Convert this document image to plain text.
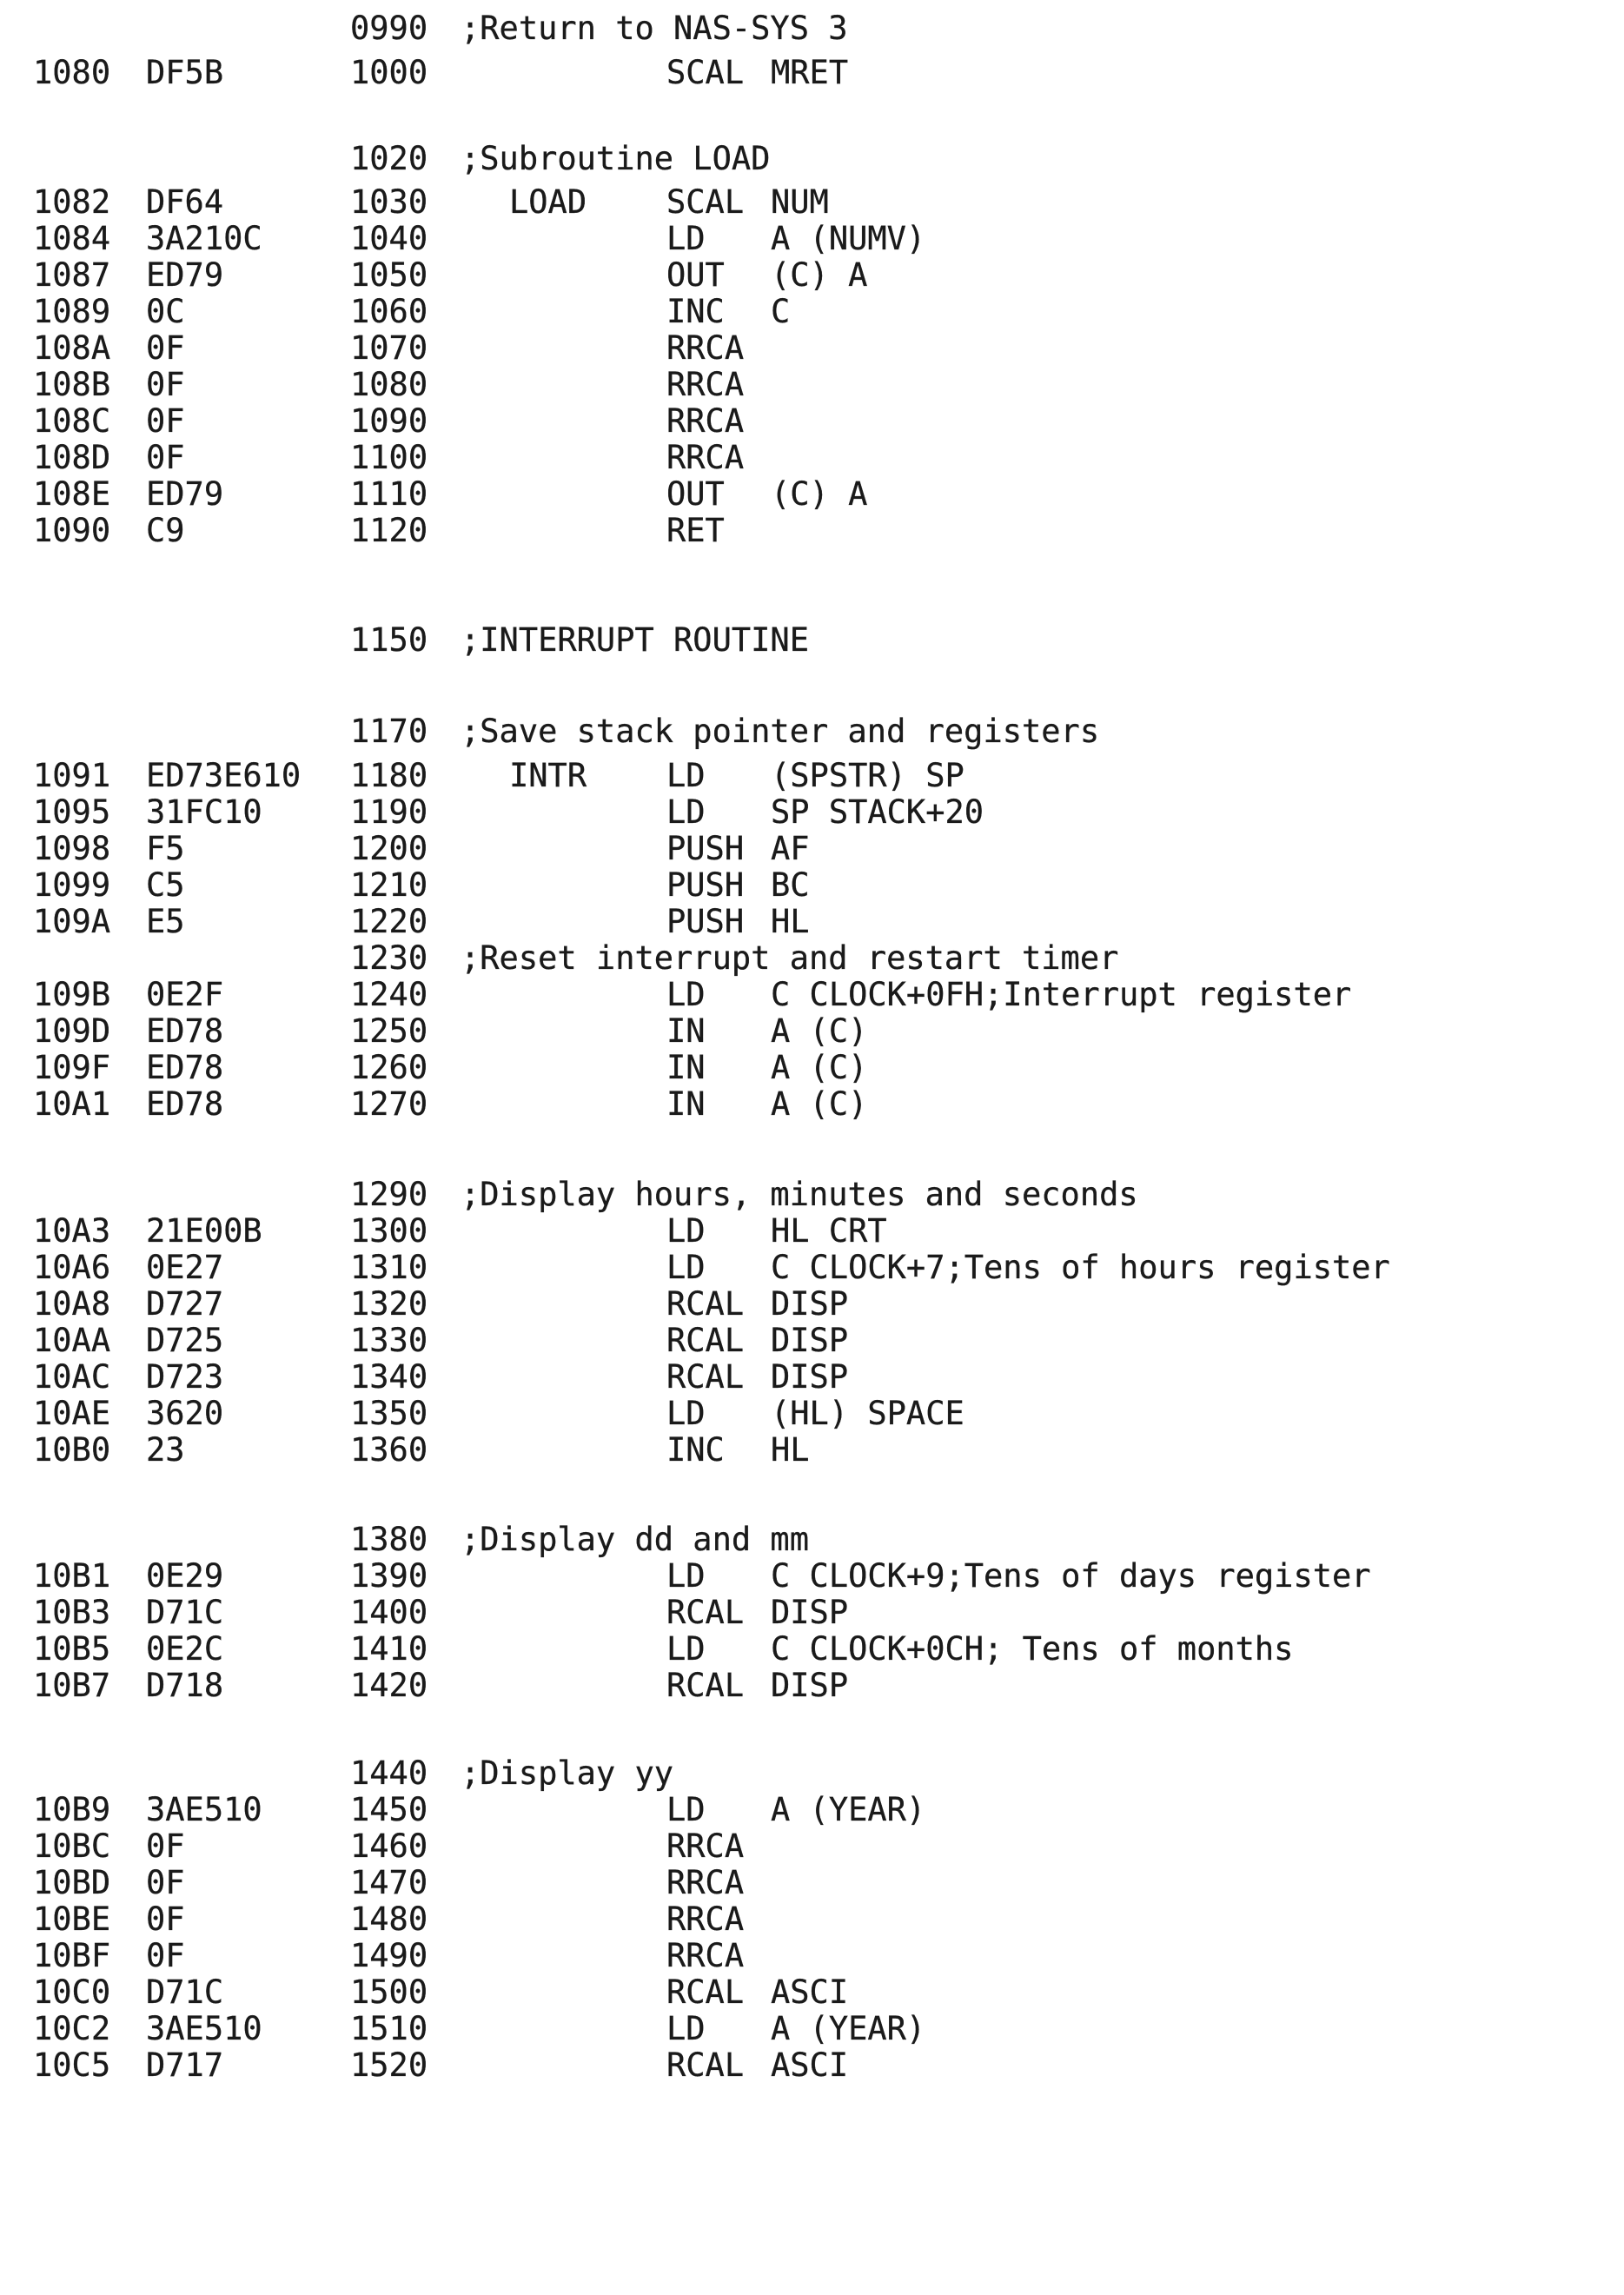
0990 ;Return to NAS-SYS 3
1080 DF5B	1000	SCAL MRET
1020 ;Subroutine LOAD
1082 DF64	1030	LOAD SCAL NUM
1084 3A210C	1040	LD A (NUMV)
1087 ED79	1050	OUT (C) A
1089 0C	1060	INC C
108A 0F	1070	RRCA
108B 0F	1080	RRCA
108C 0F	1090	RRCA
108D 0F	1100	RRCA
108E ED79	1110	OUT (C) A
1090 C9	1120	RET
1150 ;INTERRUPT ROUTINE
1170 ;Save stack pointer and registers
1091 ED73E610 1180	INTR LD (SPSTR) SP
1095 31FC10	1190	LD SP STACK+20
1098 F5	1200	PUSH AF
1099 C5	1210	PUSH BC
109A E5	1220	PUSH HL
1230 ;Reset interrupt and restart timer
109B 0E2F	1240	LD C CLOCK+0FH;Interrupt register
109D ED78	1250	IN A (C)
109F ED78	1260	IN A (C)
10A1 ED78	1270	IN A (C)
1290 ;Display hours, minutes and seconds
10A3 21E00B	1300	LD HL CRT
10A6 0E27	1310	LD C CLOCK+7;Tens of hours register
10A8 D727	1320	RCAL DISP
10AA D725	1330	RCAL DISP
10AC D723	1340	RCAL DISP
10AE 3620	1350	LD (HL) SPACE
10B0 23	1360	INC HL
1380 ;Display dd and mm
10B1 0E29	1390	LD C CLOCK+9;Tens of days register
10B3 D71C	1400	RCAL DISP
10B5 0E2C	1410	LD C CLOCK+0CH; Tens of months
10B7 D718	1420	RCAL DISP
1440 ;Display yy
10B9 3AE510	1450	LD A (YEAR)
10BC 0F	1460	RRCA
10BD 0F	1470	RRCA
10BE 0F	1480	RRCA
10BF 0F	1490	RRCA
10C0 D71C	1500	RCAL ASCI
10C2 3AE510	1510	LD A (YEAR)
10C5 D717	1520	RCAL ASCI
